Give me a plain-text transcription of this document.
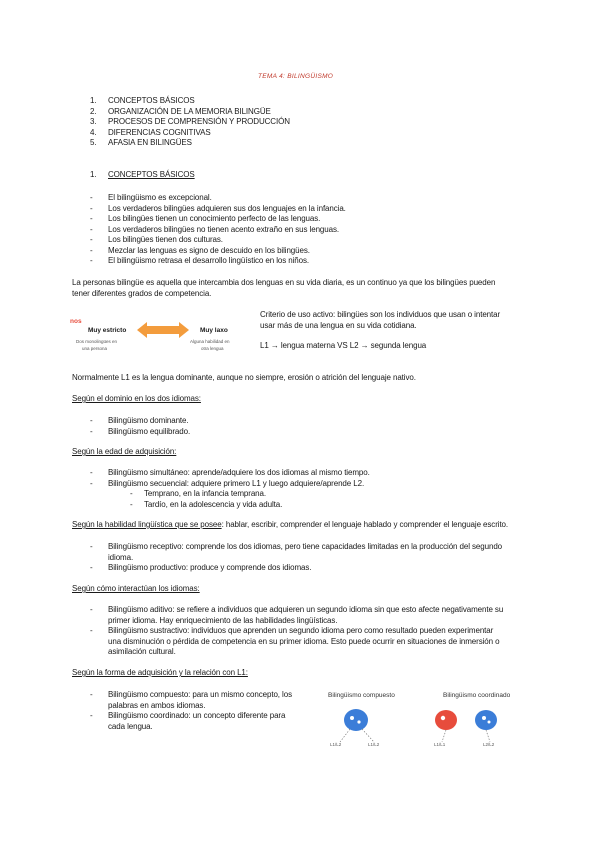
TEMA 4: BILINGÜISMO
1. CONCEPTOS BÁSICOS
2. ORGANIZACIÓN DE LA MEMORIA BILINGÜE
3. PROCESOS DE COMPRENSIÓN Y PRODUCCIÓN
4. DIFERENCIAS COGNITIVAS
5. AFASIA EN BILINGÜES
1. CONCEPTOS BÁSICOS
- El bilingüismo es excepcional.
- Los verdaderos bilingües adquieren sus dos lenguajes en la infancia.
- Los bilingües tienen un conocimiento perfecto de las lenguas.
- Los verdaderos bilingües no tienen acento extraño en sus lenguas.
- Los bilingües tienen dos culturas.
- Mezclar las lenguas es signo de descuido en los bilingües.
- El bilingüismo retrasa el desarrollo lingüístico en los niños.
La personas bilingüe es aquella que intercambia dos lenguas en su vida diaria, es un continuo ya que los bilingües pueden
tener diferentes grados de competencia.
nos
Muy estricto
Dos monolingües en
una persona
Muy laxo
Alguna habilidad en
otra lengua
Criterio de uso activo: bilingües son los individuos que usan o intentar
usar más de una lengua en su vida cotidiana.
L1 → lengua materna VS L2 → segunda lengua
Normalmente L1 es la lengua dominante, aunque no siempre, erosión o atrición del lenguaje nativo.
Según el dominio en los dos idiomas:
- Bilingüismo dominante.
- Bilingüismo equilibrado.
Según la edad de adquisición:
- Bilingüismo simultáneo: aprende/adquiere los dos idiomas al mismo tiempo.
- Bilingüismo secuencial: adquiere primero L1 y luego adquiere/aprende L2.
- Temprano, en la infancia temprana.
- Tardío, en la adolescencia y vida adulta.
Según la habilidad lingüística que se posee: hablar, escribir, comprender el lenguaje hablado y comprender el lenguaje escrito.
- Bilingüismo receptivo: comprende los dos idiomas, pero tiene capacidades limitadas en la producción del segundo
idioma.
- Bilingüismo productivo: produce y comprende dos idiomas.
Según cómo interactúan los idiomas:
- Bilingüismo aditivo: se refiere a individuos que adquieren un segundo idioma sin que esto afecte negativamente su
primer idioma. Hay enriquecimiento de las habilidades lingüísticas.
- Bilingüismo sustractivo: individuos que aprenden un segundo idioma pero como resultado pueden experimentar
una disminución o pérdida de competencia en su primer idioma. Esto puede ocurrir en situaciones de inmersión o
asimilación cultural.
Según la forma de adquisición y la relación con L1:
- Bilingüismo compuesto: para un mismo concepto, los
palabras en ambos idiomas.
- Bilingüismo coordinado: un concepto diferente para
cada lengua.
Bilingüismo compuesto	Bilingüismo coordinado
L1/L2	L1/L2	L1/L1	L2/L2
